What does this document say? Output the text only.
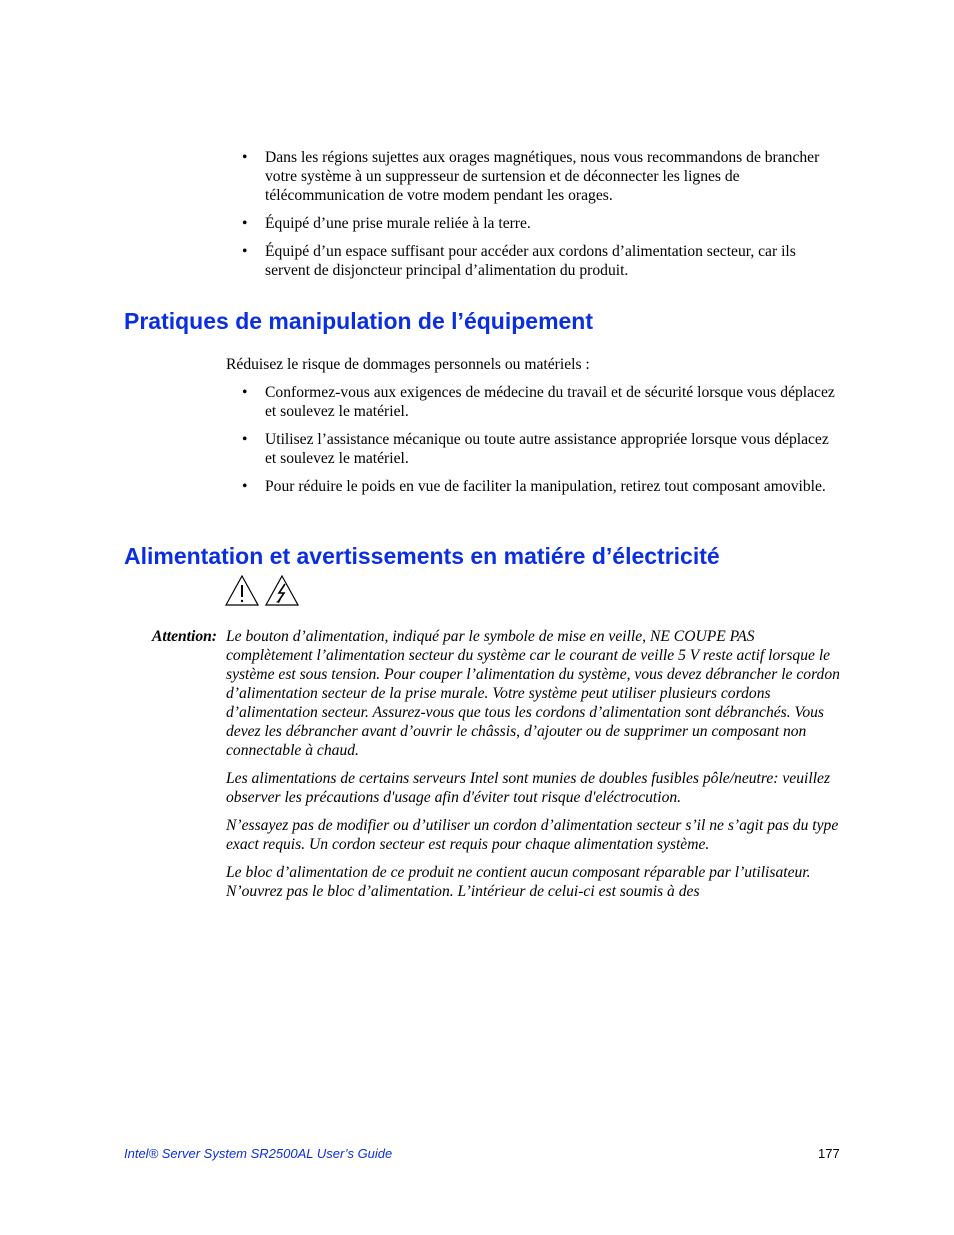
• Dans les régions sujettes aux orages magnétiques, nous vous recommandons de brancher votre système à un suppresseur de surtension et de déconnecter les lignes de télécommunication de votre modem pendant les orages.
• Équipé d’une prise murale reliée à la terre.
• Équipé d’un espace suffisant pour accéder aux cordons d’alimentation secteur, car ils servent de disjoncteur principal d’alimentation du produit.
Pratiques de manipulation de l’équipement
Réduisez le risque de dommages personnels ou matériels :
• Conformez-vous aux exigences de médecine du travail et de sécurité lorsque vous déplacez et soulevez le matériel.
• Utilisez l’assistance mécanique ou toute autre assistance appropriée lorsque vous déplacez et soulevez le matériel.
• Pour réduire le poids en vue de faciliter la manipulation, retirez tout composant amovible.
Alimentation et avertissements en matiére d’électricité
Attention: Le bouton d’alimentation, indiqué par le symbole de mise en veille, NE COUPE PAS complètement l’alimentation secteur du système car le courant de veille 5 V reste actif lorsque le système est sous tension. Pour couper l’alimentation du système, vous devez débrancher le cordon d’alimentation secteur de la prise murale. Votre système peut utiliser plusieurs cordons d’alimentation secteur. Assurez-vous que tous les cordons d’alimentation sont débranchés. Vous devez les débrancher avant d’ouvrir le châssis, d’ajouter ou de supprimer un composant non connectable à chaud.

Les alimentations de certains serveurs Intel sont munies de doubles fusibles pôle/neutre: veuillez observer les précautions d'usage afin d'éviter tout risque d'eléctrocution.

N’essayez pas de modifier ou d’utiliser un cordon d’alimentation secteur s’il ne s’agit pas du type exact requis. Un cordon secteur est requis pour chaque alimentation système.

Le bloc d’alimentation de ce produit ne contient aucun composant réparable par l’utilisateur. N’ouvrez pas le bloc d’alimentation. L’intérieur de celui-ci est soumis à des

Intel® Server System SR2500AL User’s Guide	177
